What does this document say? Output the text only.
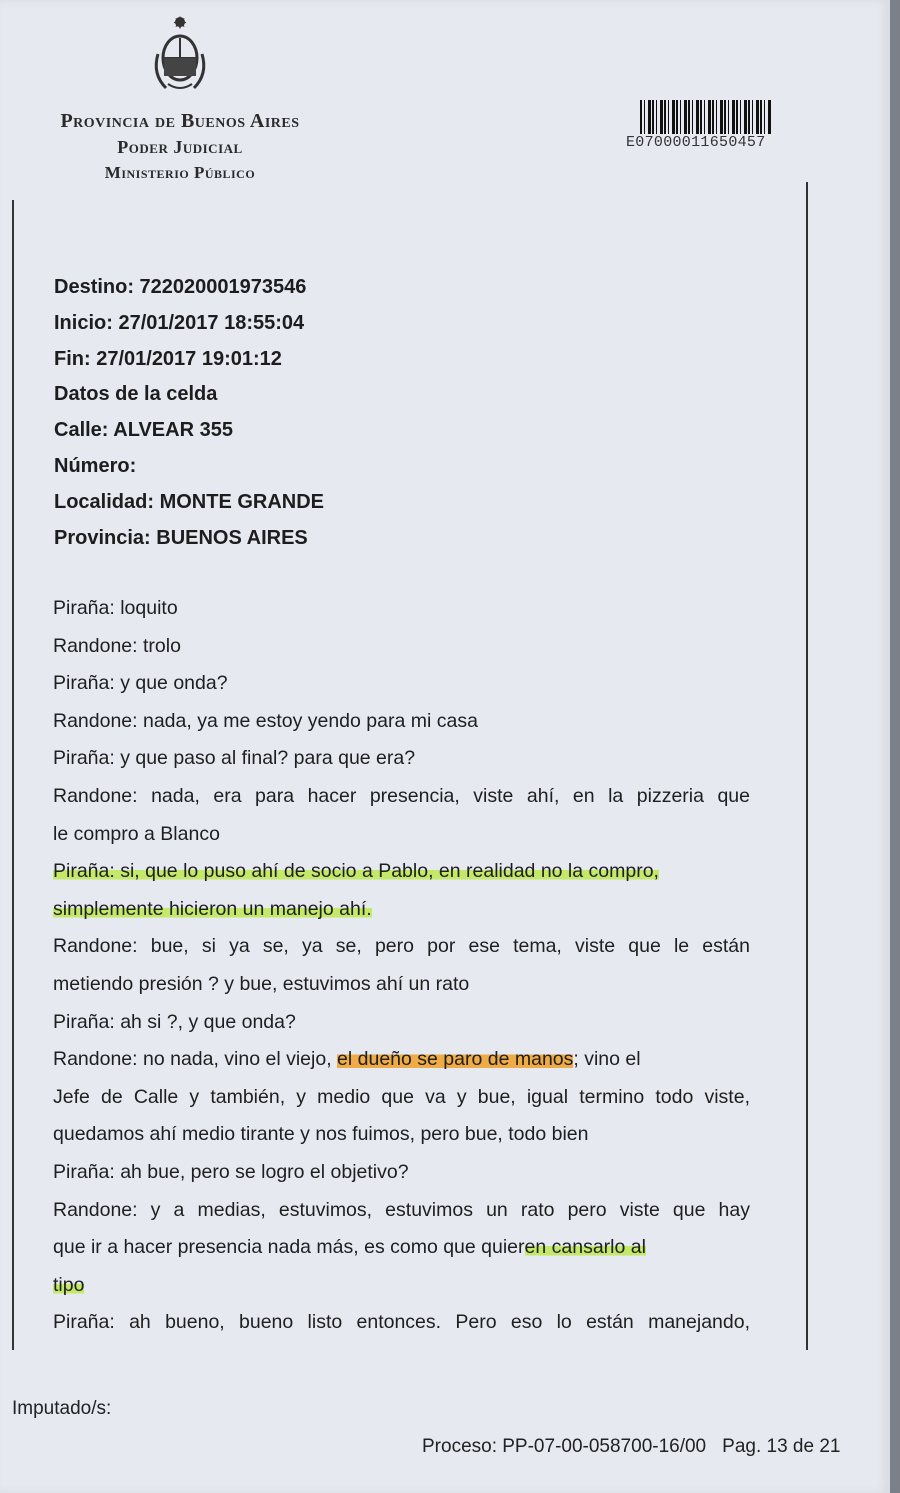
Provincia de Buenos Aires
Poder Judicial
Ministerio Público
E07000011650457
Destino: 722020001973546
Inicio: 27/01/2017 18:55:04
Fin: 27/01/2017 19:01:12
Datos de la celda
Calle: ALVEAR 355
Número:
Localidad: MONTE GRANDE
Provincia: BUENOS AIRES
Piraña: loquito
Randone: trolo
Piraña: y que onda?
Randone: nada, ya me estoy yendo para mi casa
Piraña: y que paso al final? para que era?
Randone: nada, era para hacer presencia, viste ahí, en la pizzeria que
le compro a Blanco
Piraña: si, que lo puso ahí de socio a Pablo, en realidad no la compro,
simplemente hicieron un manejo ahí.
Randone: bue, si ya se, ya se, pero por ese tema, viste que le están
metiendo presión ? y bue, estuvimos ahí un rato
Piraña: ah si ?, y que onda?
Randone: no nada, vino el viejo, el dueño se paro de manos; vino el
Jefe de Calle y también, y medio que va y bue, igual termino todo viste,
quedamos ahí medio tirante y nos fuimos, pero bue, todo bien
Piraña: ah bue, pero se logro el objetivo?
Randone: y a medias, estuvimos, estuvimos un rato pero viste que hay
que ir a hacer presencia nada más, es como que quieren cansarlo al
tipo
Piraña: ah bueno, bueno listo entonces. Pero eso lo están manejando,
Imputado/s:
Proceso: PP-07-00-058700-16/00 Pag. 13 de 21
